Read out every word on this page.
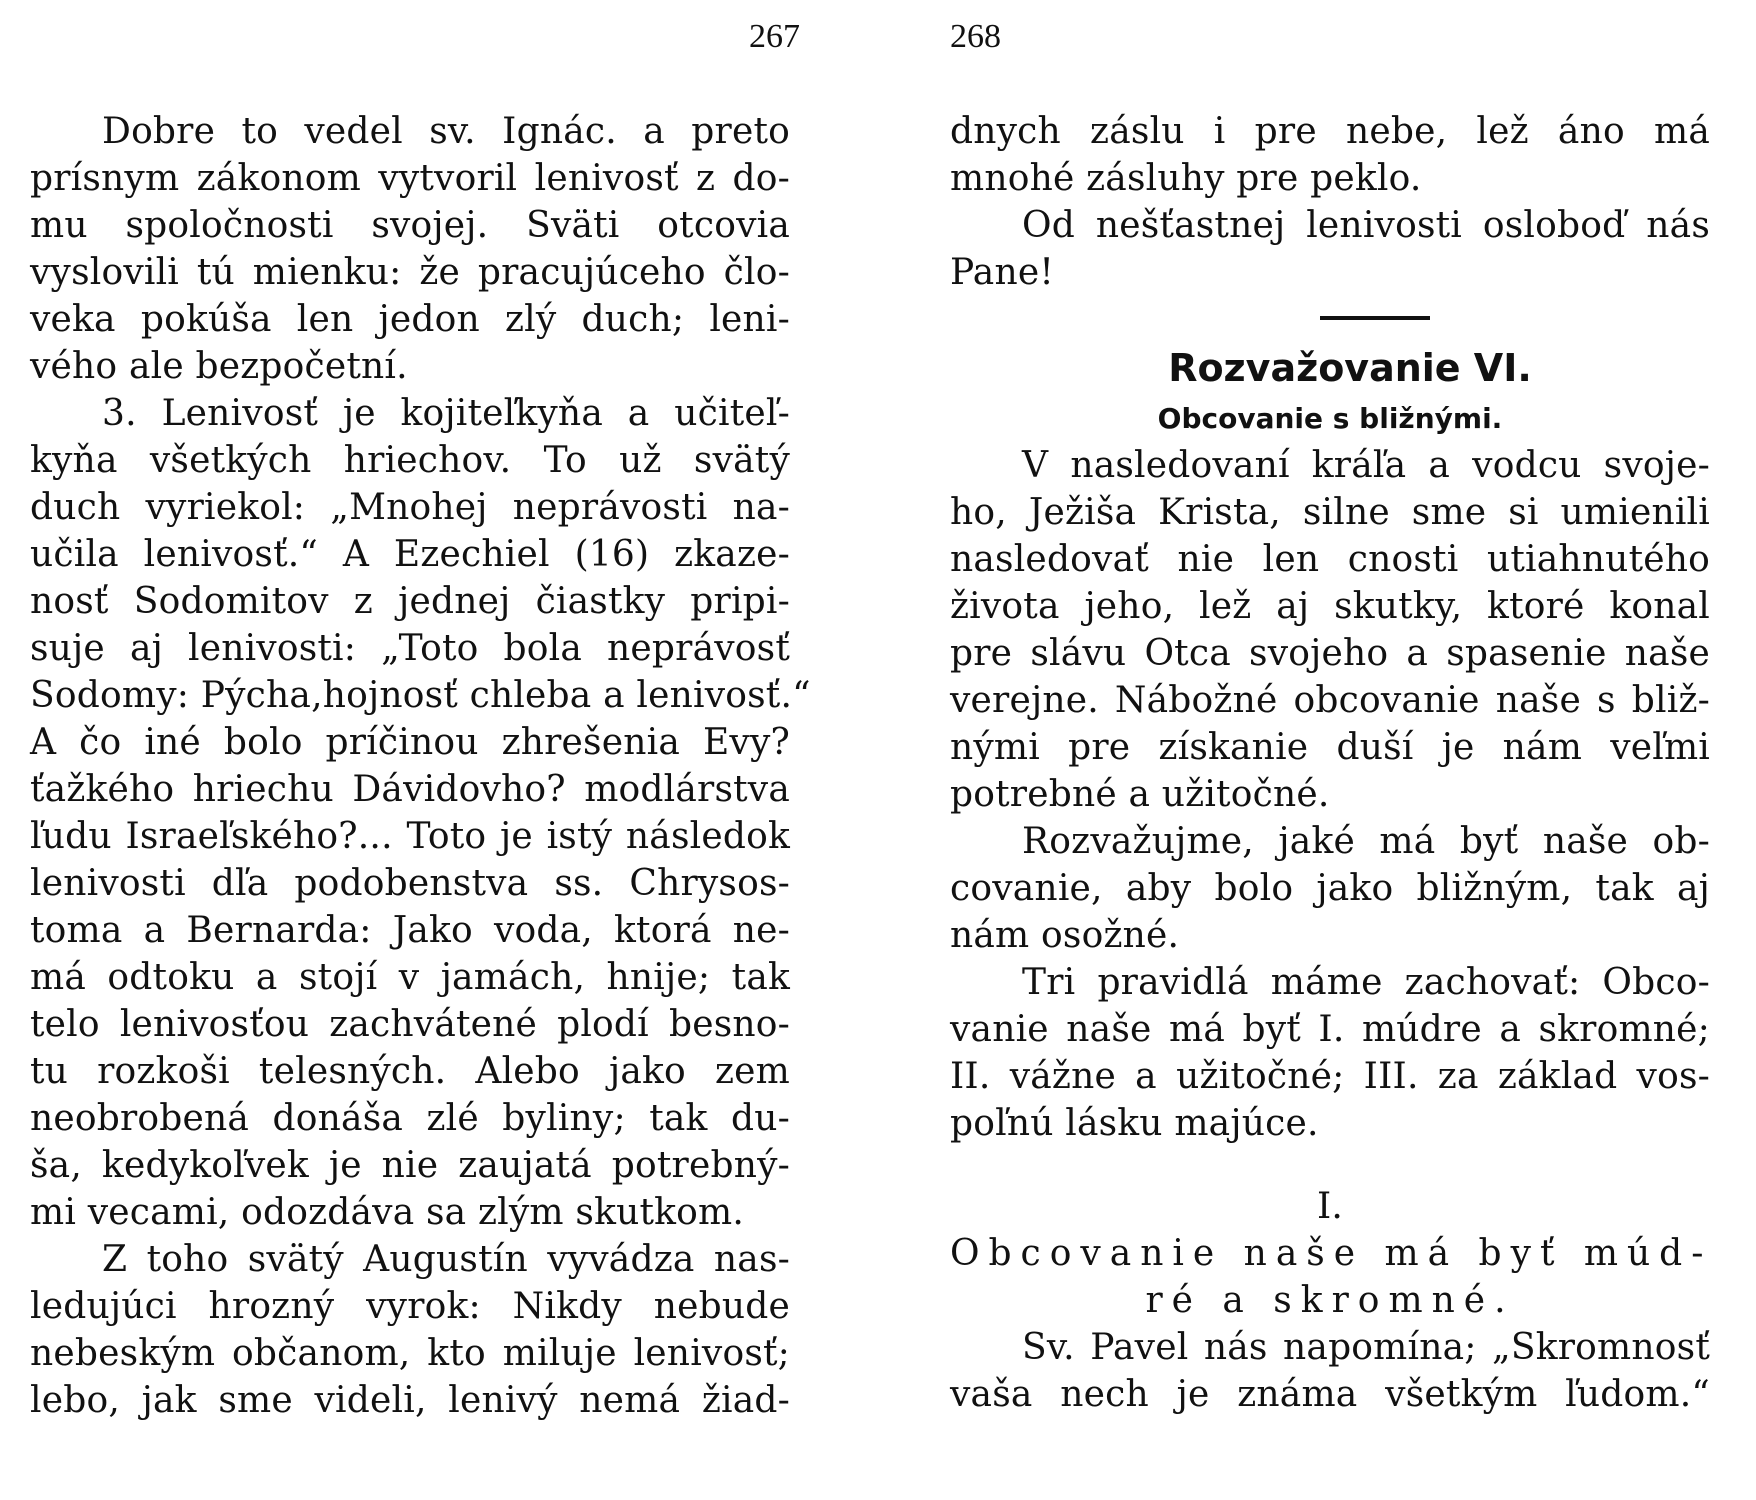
267
Dobre to vedel sv. Ignác. a preto
prísnym zákonom vytvoril lenivosť z do-
mu spoločnosti svojej. Sväti otcovia
vyslovili tú mienku: že pracujúceho člo-
veka pokúša len jedon zlý duch; leni-
vého ale bezpočetní.
3. Lenivosť je kojiteľkyňa a učiteľ-
kyňa všetkých hriechov. To už svätý
duch vyriekol: „Mnohej neprávosti na-
učila lenivosť.“ A Ezechiel (16) zkaze-
nosť Sodomitov z jednej čiastky pripi-
suje aj lenivosti: „Toto bola neprávosť
Sodomy: Pýcha,hojnosť chleba a lenivosť.“
A čo iné bolo príčinou zhrešenia Evy?
ťažkého hriechu Dávidovho? modlárstva
ľudu Israeľského?... Toto je istý následok
lenivosti dľa podobenstva ss. Chrysos-
toma a Bernarda: Jako voda, ktorá ne-
má odtoku a stojí v jamách, hnije; tak
telo lenivosťou zachvátené plodí besno-
tu rozkoši telesných. Alebo jako zem
neobrobená donáša zlé byliny; tak du-
ša, kedykoľvek je nie zaujatá potrebný-
mi vecami, odozdáva sa zlým skutkom.
Z toho svätý Augustín vyvádza nas-
ledujúci hrozný vyrok: Nikdy nebude
nebeským občanom, kto miluje lenivosť;
lebo, jak sme videli, lenivý nemá žiad-
268
dnych záslu i pre nebe, lež áno má
mnohé zásluhy pre peklo.
Od nešťastnej lenivosti osloboď nás
Pane!
Rozvažovanie VI.
Obcovanie s bližnými.
V nasledovaní kráľa a vodcu svoje-
ho, Ježiša Krista, silne sme si umienili
nasledovať nie len cnosti utiahnutého
života jeho, lež aj skutky, ktoré konal
pre slávu Otca svojeho a spasenie naše
verejne. Nábožné obcovanie naše s bliž-
nými pre získanie duší je nám veľmi
potrebné a užitočné.
Rozvažujme, jaké má byť naše ob-
covanie, aby bolo jako bližným, tak aj
nám osožné.
Tri pravidlá máme zachovať: Obco-
vanie naše má byť I. múdre a skromné;
II. vážne a užitočné; III. za základ vos-
poľnú lásku majúce.
I.
Obcovanie naše má byť múd-
ré a skromné.
Sv. Pavel nás napomína; „Skromnosť
vaša nech je známa všetkým ľudom.“
